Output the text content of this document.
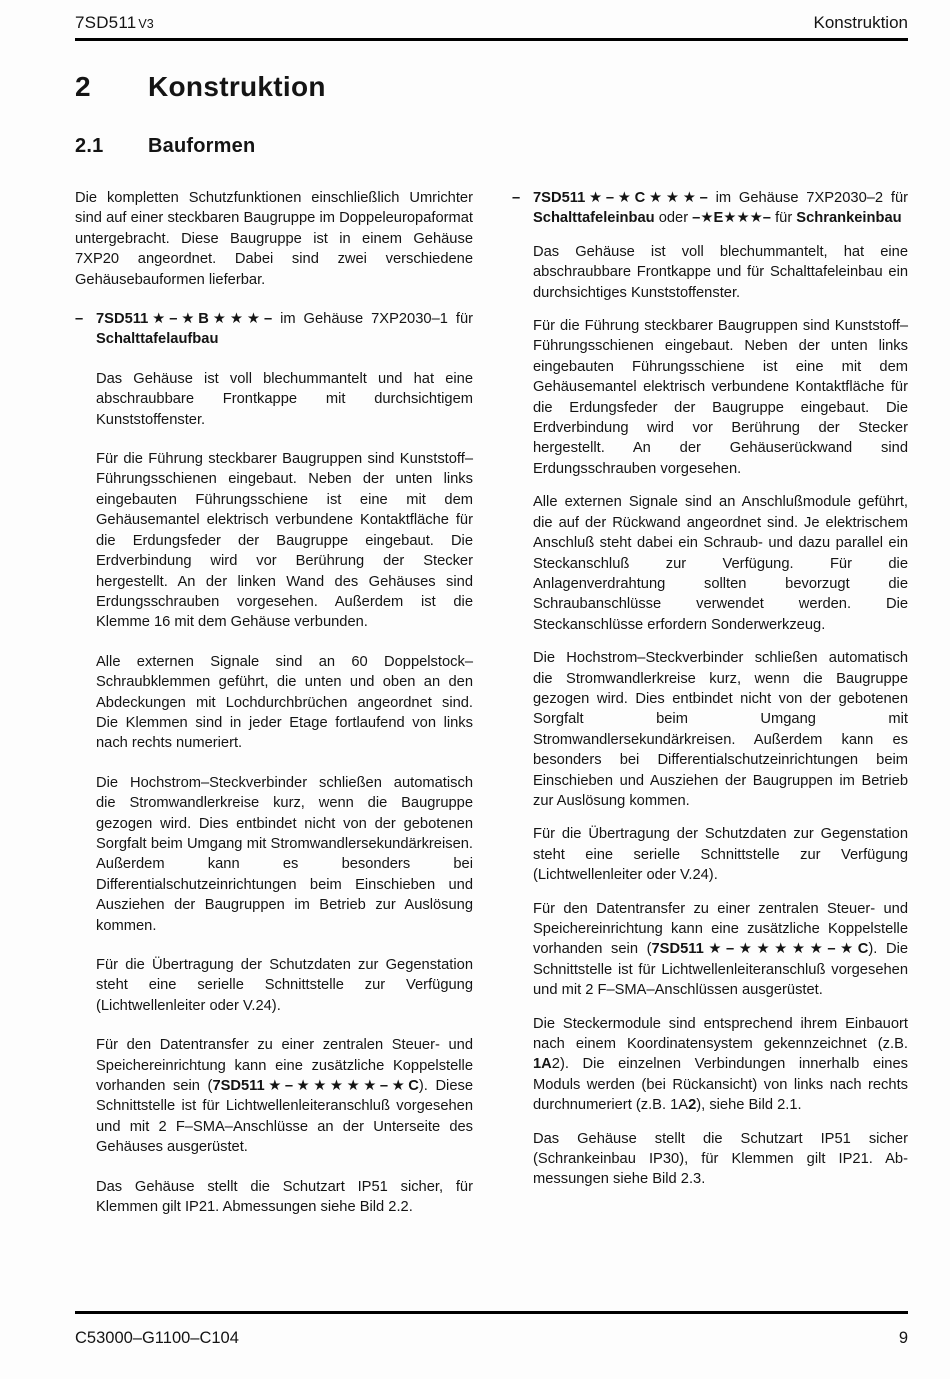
7SD511 V3	Konstruktion
2	Konstruktion
2.1	Bauformen

Die kompletten Schutzfunktionen einschließlich Umrichter sind auf einer steckbaren Baugruppe im Doppeleuropaformat untergebracht. Diese Baugruppe ist in einem Gehäuse 7XP20 angeordnet. Dabei sind zwei verschiedene Gehäusebauformen lieferbar.

– 7SD511★–★B★★★– im Gehäuse 7XP2030–1 für Schalttafelaufbau

Das Gehäuse ist voll blechummantelt und hat eine abschraubbare Frontkappe mit durchsichtigem Kunststoffenster.

Für die Führung steckbarer Baugruppen sind Kunststoff–Führungsschienen eingebaut. Neben der unten links eingebauten Führungsschiene ist eine mit dem Gehäusemantel elektrisch verbundene Kontaktfläche für die Erdungsfeder der Baugruppe eingebaut. Die Erdverbindung wird vor Berührung der Stecker hergestellt. An der linken Wand des Gehäuses sind Erdungsschrauben vorgesehen. Außerdem ist die Klemme 16 mit dem Gehäuse verbunden.

Alle externen Signale sind an 60 Doppelstock–Schraubklemmen geführt, die unten und oben an den Abdeckungen mit Lochdurchbrüchen angeordnet sind. Die Klemmen sind in jeder Etage fortlaufend von links nach rechts numeriert.

Die Hochstrom–Steckverbinder schließen automatisch die Stromwandlerkreise kurz, wenn die Baugruppe gezogen wird. Dies entbindet nicht von der gebotenen Sorgfalt beim Umgang mit Stromwandlersekundärkreisen. Außerdem kann es besonders bei Differentialschutzeinrichtungen beim Einschieben und Ausziehen der Baugruppen im Betrieb zur Auslösung kommen.

Für die Übertragung der Schutzdaten zur Gegenstation steht eine serielle Schnittstelle zur Verfügung (Lichtwellenleiter oder V.24).

Für den Datentransfer zu einer zentralen Steuer- und Speichereinrichtung kann eine zusätzliche Koppelstelle vorhanden sein (7SD511★–★★★★★–★C). Diese Schnittstelle ist für Lichtwellenleiteranschluß vorgesehen und mit 2 F–SMA–Anschlüsse an der Unterseite des Gehäuses ausgerüstet.

Das Gehäuse stellt die Schutzart IP51 sicher, für Klemmen gilt IP21. Abmessungen siehe Bild 2.2.

– 7SD511★–★C★★★– im Gehäuse 7XP2030–2 für Schalttafeleinbau oder –★E★★★– für Schrankeinbau

Das Gehäuse ist voll blechummantelt, hat eine abschraubbare Frontkappe und für Schalttafeleinbau ein durchsichtiges Kunststoffenster.

Für die Führung steckbarer Baugruppen sind Kunststoff–Führungsschienen eingebaut. Neben der unten links eingebauten Führungsschiene ist eine mit dem Gehäusemantel elektrisch verbundene Kontaktfläche für die Erdungsfeder der Baugruppe eingebaut. Die Erdverbindung wird vor Berührung der Stecker hergestellt. An der Gehäuserückwand sind Erdungsschrauben vorgesehen.

Alle externen Signale sind an Anschlußmodule geführt, die auf der Rückwand angeordnet sind. Je elektrischem Anschluß steht dabei ein Schraub- und dazu parallel ein Steckanschluß zur Verfügung. Für die Anlagenverdrahtung sollten bevorzugt die Schraubanschlüsse verwendet werden. Die Steckanschlüsse erfordern Sonderwerkzeug.

Die Hochstrom–Steckverbinder schließen automatisch die Stromwandlerkreise kurz, wenn die Baugruppe gezogen wird. Dies entbindet nicht von der gebotenen Sorgfalt beim Umgang mit Stromwandlersekundärkreisen. Außerdem kann es besonders bei Differentialschutzeinrichtungen beim Einschieben und Ausziehen der Baugruppen im Betrieb zur Auslösung kommen.

Für die Übertragung der Schutzdaten zur Gegenstation steht eine serielle Schnittstelle zur Verfügung (Lichtwellenleiter oder V.24).

Für den Datentransfer zu einer zentralen Steuer- und Speichereinrichtung kann eine zusätzliche Koppelstelle vorhanden sein (7SD511★–★★★★★–★C). Die Schnittstelle ist für Lichtwellenleiteranschluß vorgesehen und mit 2 F–SMA–Anschlüssen ausgerüstet.

Die Steckermodule sind entsprechend ihrem Einbauort nach einem Koordinatensystem gekennzeichnet (z.B. 1A2). Die einzelnen Verbindungen innerhalb eines Moduls werden (bei Rückansicht) von links nach rechts durchnumeriert (z.B. 1A2), siehe Bild 2.1.

Das Gehäuse stellt die Schutzart IP51 sicher (Schrankeinbau IP30), für Klemmen gilt IP21. Abmessungen siehe Bild 2.3.

C53000–G1100–C104	9
